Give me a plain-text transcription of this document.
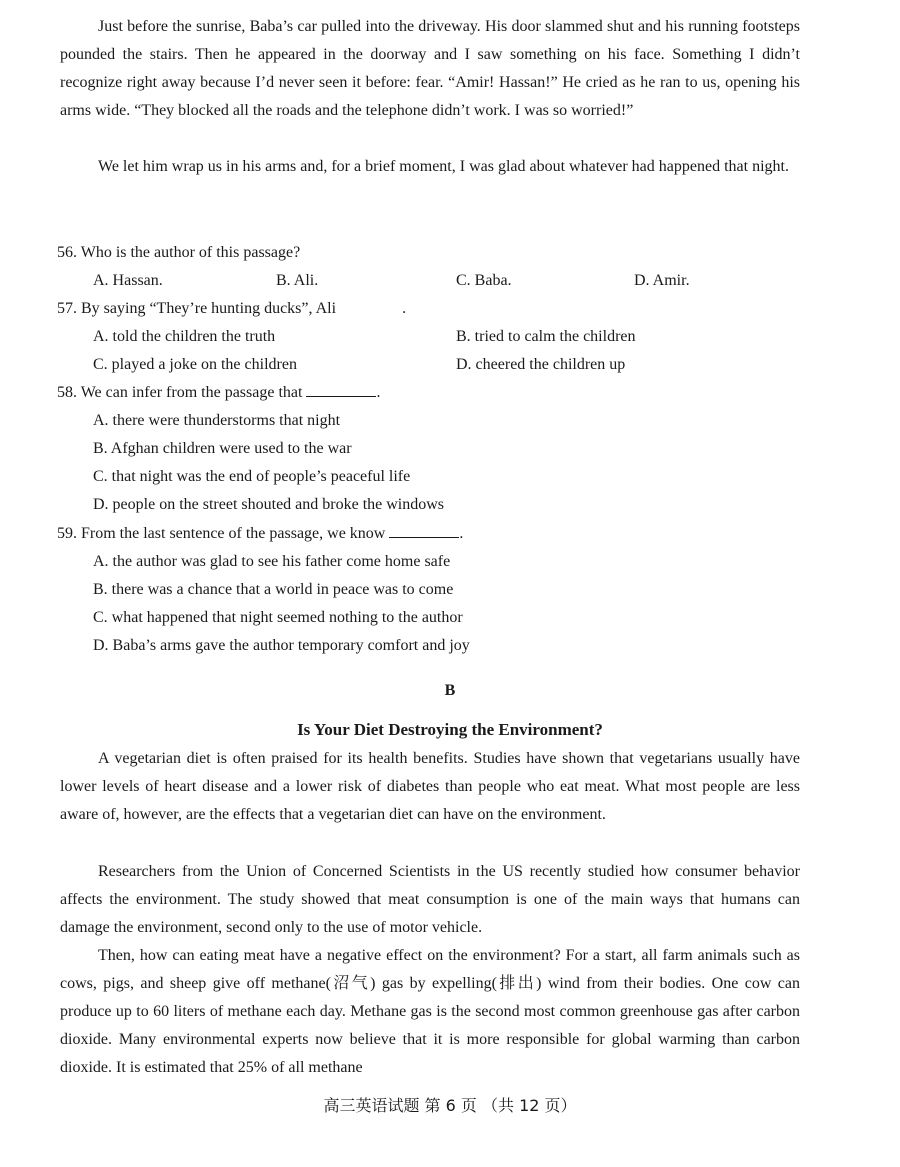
Just before the sunrise, Baba’s car pulled into the driveway. His door slammed shut and his running footsteps pounded the stairs. Then he appeared in the doorway and I saw something on his face. Something I didn’t recognize right away because I’d never seen it before: fear. “Amir! Hassan!” He cried as he ran to us, opening his arms wide. “They blocked all the roads and the telephone didn’t work. I was so worried!”

We let him wrap us in his arms and, for a brief moment, I was glad about whatever had happened that night.

56. Who is the author of this passage?
A. Hassan.	B. Ali.	C. Baba.	D. Amir.
57. By saying “They’re hunting ducks”, Ali	.
A. told the children the truth	B. tried to calm the children
C. played a joke on the children	D. cheered the children up
58. We can infer from the passage that	.
A. there were thunderstorms that night
B. Afghan children were used to the war
C. that night was the end of people’s peaceful life
D. people on the street shouted and broke the windows
59. From the last sentence of the passage, we know	.
A. the author was glad to see his father come home safe
B. there was a chance that a world in peace was to come
C. what happened that night seemed nothing to the author
D. Baba’s arms gave the author temporary comfort and joy
B
Is Your Diet Destroying the Environment?

A vegetarian diet is often praised for its health benefits. Studies have shown that vegetarians usually have lower levels of heart disease and a lower risk of diabetes than people who eat meat. What most people are less aware of, however, are the effects that a vegetarian diet can have on the environment.

Researchers from the Union of Concerned Scientists in the US recently studied how consumer behavior affects the environment. The study showed that meat consumption is one of the main ways that humans can damage the environment, second only to the use of motor vehicle.

Then, how can eating meat have a negative effect on the environment? For a start, all farm animals such as cows, pigs, and sheep give off methane(沼气) gas by expelling(排出) wind from their bodies. One cow can produce up to 60 liters of methane each day. Methane gas is the second most common greenhouse gas after carbon dioxide. Many environmental experts now believe that it is more responsible for global warming than carbon dioxide. It is estimated that 25% of all methane

高三英语试题 第 6 页 （共 12 页）
